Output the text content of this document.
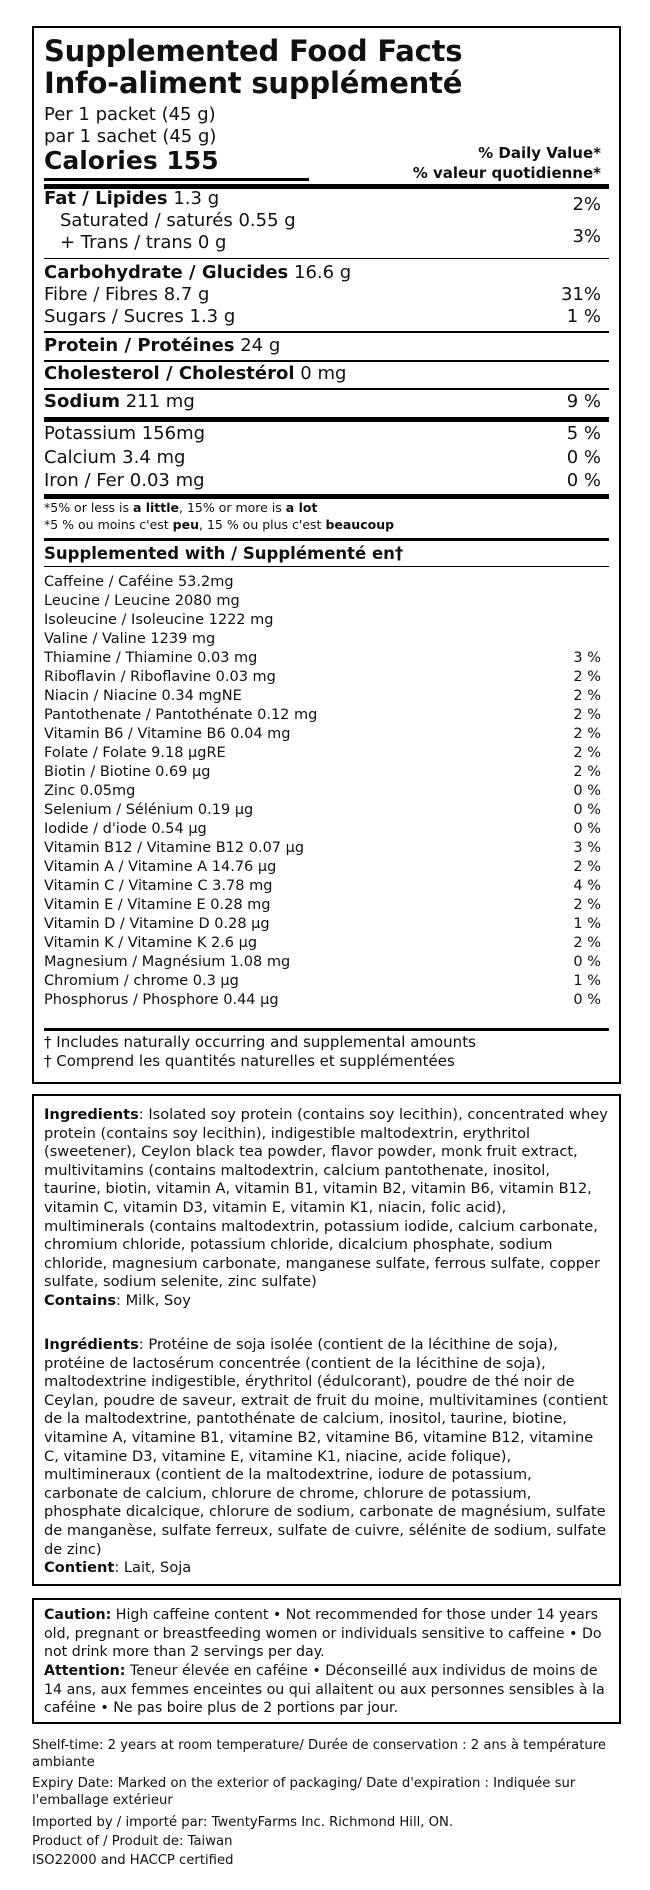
Supplemented Food Facts
Info-aliment supplémenté
Per 1 packet (45 g)
par 1 sachet (45 g)
Calories 155	% Daily Value*
% valeur quotidienne*
Fat / Lipides 1.3 g	2%
Saturated / saturés 0.55 g
+ Trans / trans 0 g	3%
Carbohydrate / Glucides 16.6 g
Fibre / Fibres 8.7 g	31%
Sugars / Sucres 1.3 g	1 %
Protein / Protéines 24 g
Cholesterol / Cholestérol 0 mg
Sodium 211 mg	9 %
Potassium 156mg	5 %
Calcium 3.4 mg	0 %
Iron / Fer 0.03 mg	0 %
*5% or less is a little, 15% or more is a lot
*5 % ou moins c'est peu, 15 % ou plus c'est beaucoup
Supplemented with / Supplémenté en†
Caffeine / Caféine 53.2mg
Leucine / Leucine 2080 mg
Isoleucine / Isoleucine 1222 mg
Valine / Valine 1239 mg
Thiamine / Thiamine 0.03 mg	3 %
Riboflavin / Riboflavine 0.03 mg	2 %
Niacin / Niacine 0.34 mgNE	2 %
Pantothenate / Pantothénate 0.12 mg	2 %
Vitamin B6 / Vitamine B6 0.04 mg	2 %
Folate / Folate 9.18 µgRE	2 %
Biotin / Biotine 0.69 µg	2 %
Zinc 0.05mg	0 %
Selenium / Sélénium 0.19 µg	0 %
Iodide / d'iode 0.54 µg	0 %
Vitamin B12 / Vitamine B12 0.07 µg	3 %
Vitamin A / Vitamine A 14.76 µg	2 %
Vitamin C / Vitamine C 3.78 mg	4 %
Vitamin E / Vitamine E 0.28 mg	2 %
Vitamin D / Vitamine D 0.28 µg	1 %
Vitamin K / Vitamine K 2.6 µg	2 %
Magnesium / Magnésium 1.08 mg	0 %
Chromium / chrome 0.3 µg	1 %
Phosphorus / Phosphore 0.44 µg	0 %
† Includes naturally occurring and supplemental amounts
† Comprend les quantités naturelles et supplémentées

Ingredients: Isolated soy protein (contains soy lecithin), concentrated whey protein (contains soy lecithin), indigestible maltodextrin, erythritol (sweetener), Ceylon black tea powder, flavor powder, monk fruit extract, multivitamins (contains maltodextrin, calcium pantothenate, inositol, taurine, biotin, vitamin A, vitamin B1, vitamin B2, vitamin B6, vitamin B12, vitamin C, vitamin D3, vitamin E, vitamin K1, niacin, folic acid), multiminerals (contains maltodextrin, potassium iodide, calcium carbonate, chromium chloride, potassium chloride, dicalcium phosphate, sodium chloride, magnesium carbonate, manganese sulfate, ferrous sulfate, copper sulfate, sodium selenite, zinc sulfate)
Contains: Milk, Soy

Ingrédients: Protéine de soja isolée (contient de la lécithine de soja), protéine de lactosérum concentrée (contient de la lécithine de soja), maltodextrine indigestible, érythritol (édulcorant), poudre de thé noir de Ceylan, poudre de saveur, extrait de fruit du moine, multivitamines (contient de la maltodextrine, pantothénate de calcium, inositol, taurine, biotine, vitamine A, vitamine B1, vitamine B2, vitamine B6, vitamine B12, vitamine C, vitamine D3, vitamine E, vitamine K1, niacine, acide folique), multimineraux (contient de la maltodextrine, iodure de potassium, carbonate de calcium, chlorure de chrome, chlorure de potassium, phosphate dicalcique, chlorure de sodium, carbonate de magnésium, sulfate de manganèse, sulfate ferreux, sulfate de cuivre, sélénite de sodium, sulfate de zinc)
Contient: Lait, Soja

Caution: High caffeine content • Not recommended for those under 14 years old, pregnant or breastfeeding women or individuals sensitive to caffeine • Do not drink more than 2 servings per day.

Attention: Teneur élevée en caféine • Déconseillé aux individus de moins de 14 ans, aux femmes enceintes ou qui allaitent ou aux personnes sensibles à la caféine • Ne pas boire plus de 2 portions par jour.

Shelf-time: 2 years at room temperature/ Durée de conservation : 2 ans à température ambiante
Expiry Date: Marked on the exterior of packaging/ Date d'expiration : Indiquée sur l'emballage extérieur
Imported by / importé par: TwentyFarms Inc. Richmond Hill, ON.
Product of / Produit de: Taiwan
ISO22000 and HACCP certified
